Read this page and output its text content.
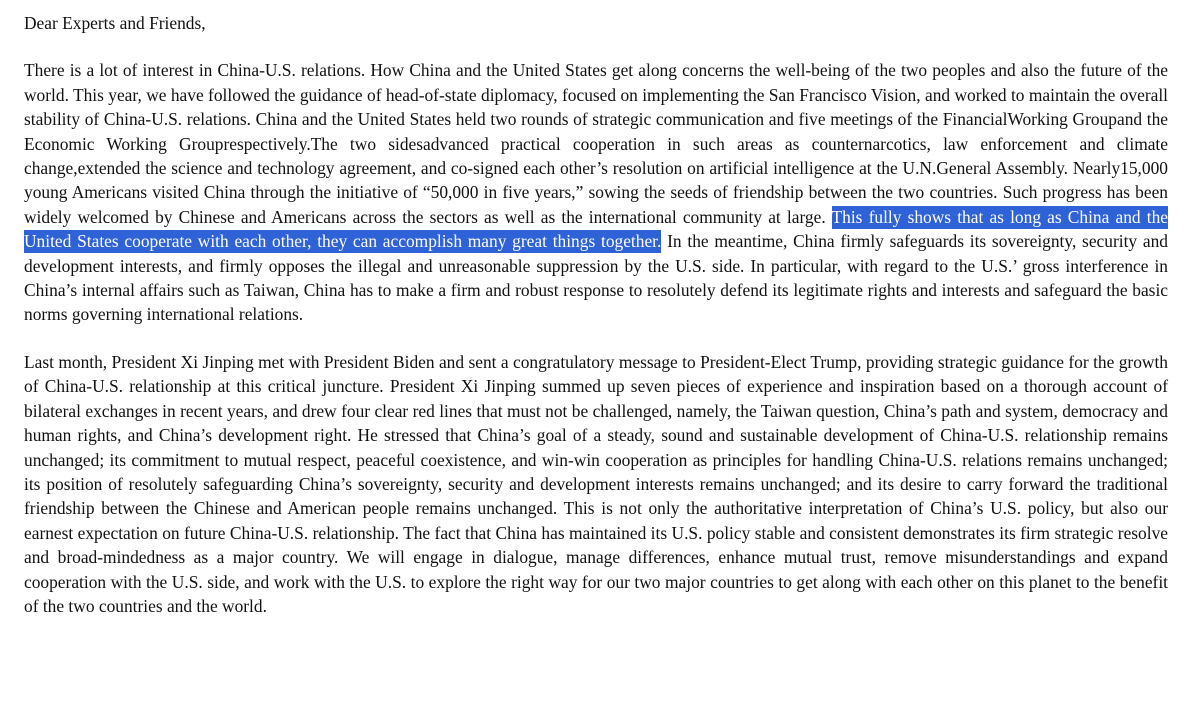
Dear Experts and Friends,

There is a lot of interest in China-U.S. relations. How China and the United States get along concerns the well-being of the two peoples and also the future of the world. This year, we have followed the guidance of head-of-state diplomacy, focused on implementing the San Francisco Vision, and worked to maintain the overall stability of China-U.S. relations. China and the United States held two rounds of strategic communication and five meetings of the FinancialWorking Groupand the Economic Working Grouprespectively.The two sidesadvanced practical cooperation in such areas as counternarcotics, law enforcement and climate change,extended the science and technology agreement, and co-signed each other’s resolution on artificial intelligence at the U.N.General Assembly. Nearly15,000 young Americans visited China through the initiative of “50,000 in five years,” sowing the seeds of friendship between the two countries. Such progress has been widely welcomed by Chinese and Americans across the sectors as well as the international community at large. This fully shows that as long as China and the United States cooperate with each other, they can accomplish many great things together. In the meantime, China firmly safeguards its sovereignty, security and development interests, and firmly opposes the illegal and unreasonable suppression by the U.S. side. In particular, with regard to the U.S.’ gross interference in China’s internal affairs such as Taiwan, China has to make a firm and robust response to resolutely defend its legitimate rights and interests and safeguard the basic norms governing international relations.

Last month, President Xi Jinping met with President Biden and sent a congratulatory message to President-Elect Trump, providing strategic guidance for the growth of China-U.S. relationship at this critical juncture. President Xi Jinping summed up seven pieces of experience and inspiration based on a thorough account of bilateral exchanges in recent years, and drew four clear red lines that must not be challenged, namely, the Taiwan question, China’s path and system, democracy and human rights, and China’s development right. He stressed that China’s goal of a steady, sound and sustainable development of China-U.S. relationship remains unchanged; its commitment to mutual respect, peaceful coexistence, and win-win cooperation as principles for handling China-U.S. relations remains unchanged; its position of resolutely safeguarding China’s sovereignty, security and development interests remains unchanged; and its desire to carry forward the traditional friendship between the Chinese and American people remains unchanged. This is not only the authoritative interpretation of China’s U.S. policy, but also our earnest expectation on future China-U.S. relationship. The fact that China has maintained its U.S. policy stable and consistent demonstrates its firm strategic resolve and broad-mindedness as a major country. We will engage in dialogue, manage differences, enhance mutual trust, remove misunderstandings and expand cooperation with the U.S. side, and work with the U.S. to explore the right way for our two major countries to get along with each other on this planet to the benefit of the two countries and the world.
